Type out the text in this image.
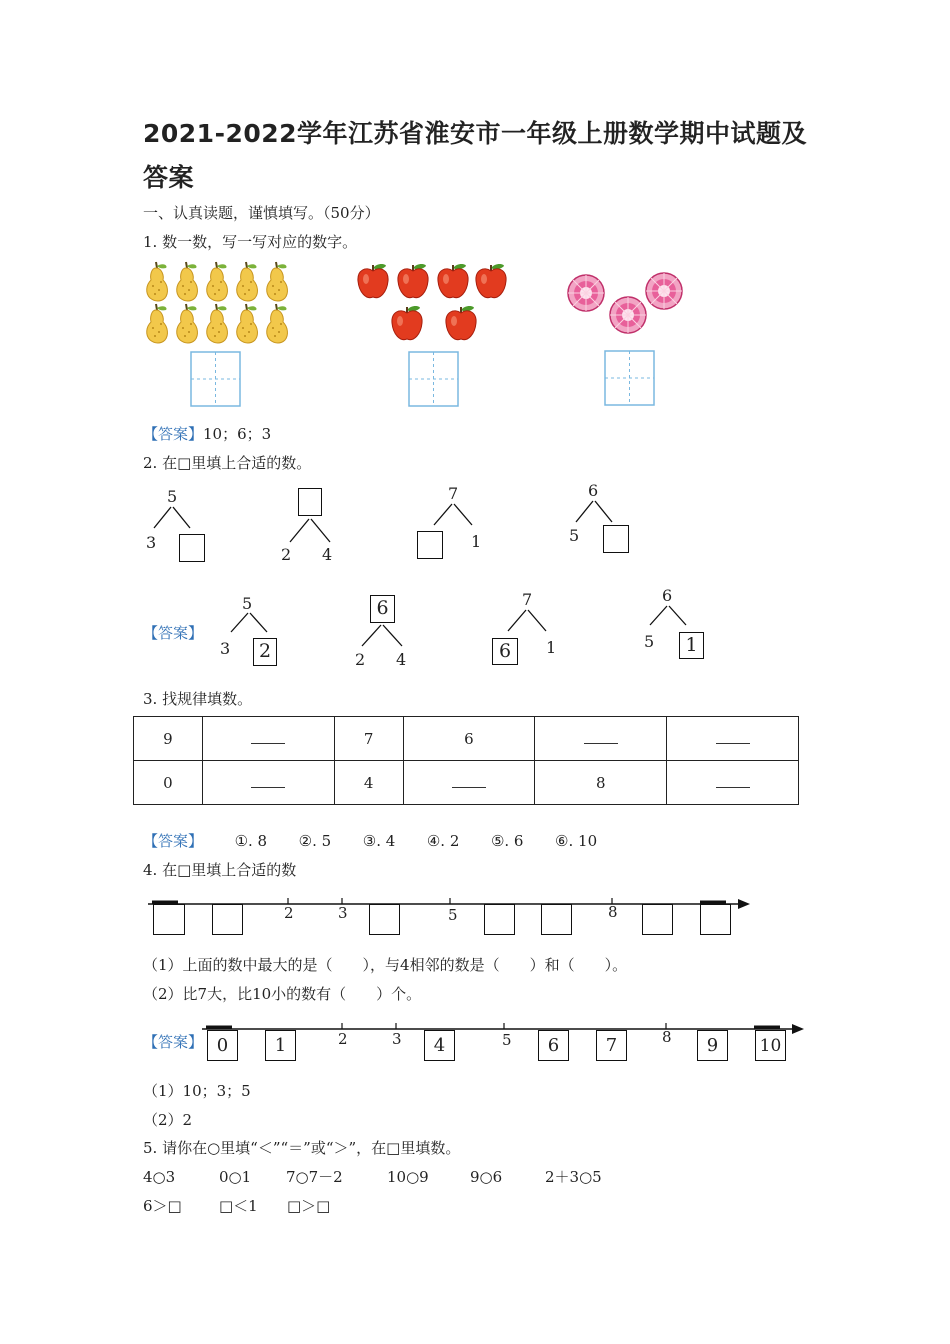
2021-2022学年江苏省淮安市一年级上册数学期中试题及答案
一、认真读题，谨慎填写。（50分）
1. 数一数，写一写对应的数字。
【答案】10；6；3
2. 在□里填上合适的数。
5
3
2 4
7
1
6
5
【答案】
5
3	2
6
2 4
7
6	1
6
5	1
3. 找规律填数。
9		7	6		
0		4		8	
【答案】 ①. 8 ②. 5 ③. 4 ④. 2 ⑤. 6 ⑥. 10
4. 在□里填上合适的数
2	3	5	8
（1）上面的数中最大的是（　　），与4相邻的数是（　　）和（　　）。
（2）比7大，比10小的数有（　　）个。
【答案】 0	1	2	3	4	5	6	7	8	9	10
（1）10；3；5
（2）2
5. 请你在○里填“＜”“＝”或“＞”，在□里填数。
4○3	0○1 7○7－2	10○9	9○6	2＋3○5
6＞□ □＜1 □＞□
